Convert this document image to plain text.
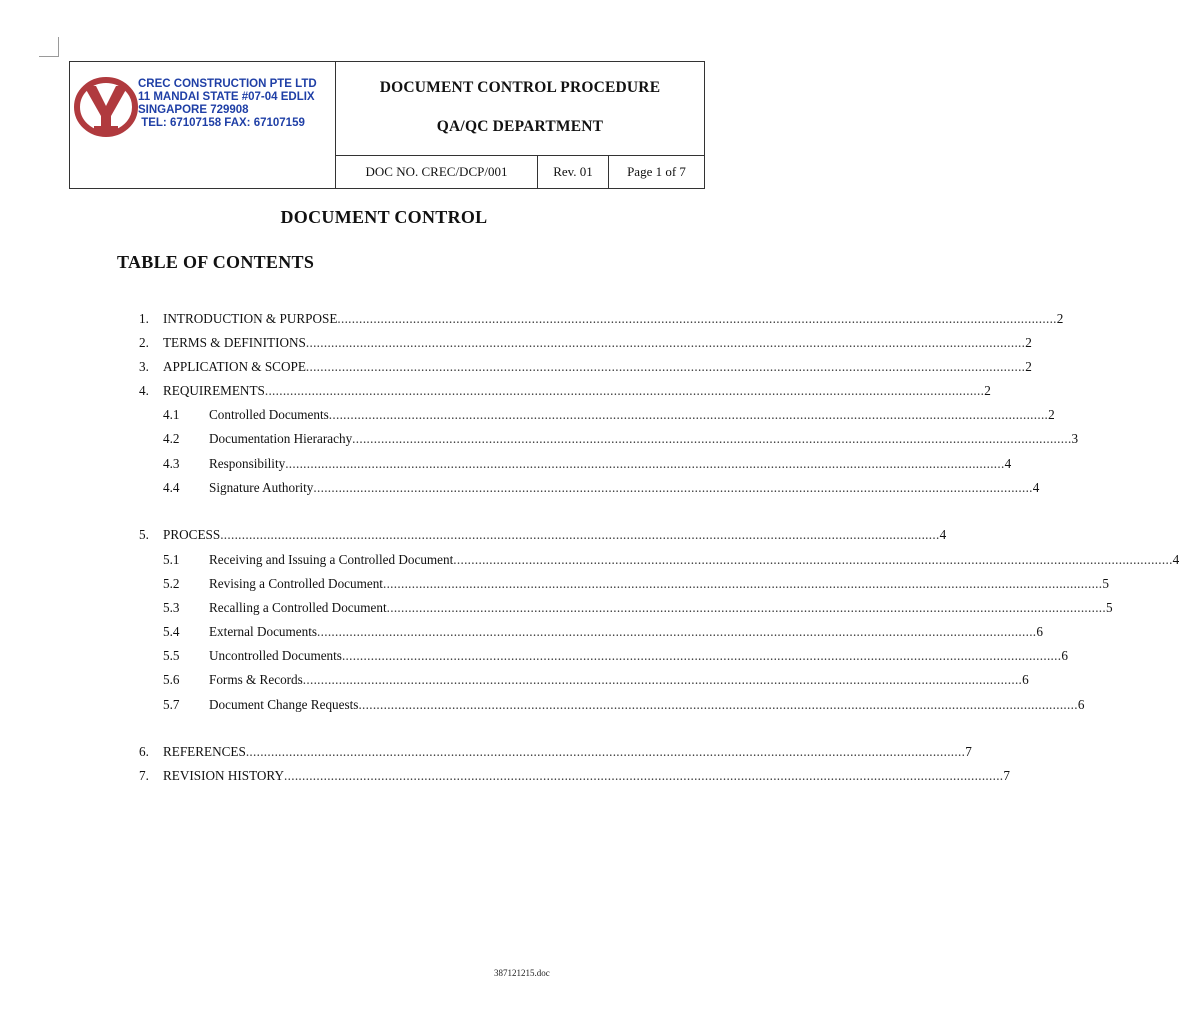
CREC CONSTRUCTION PTE LTD
11 MANDAI STATE #07-04 EDLIX
SINGAPORE 729908
TEL: 67107158 FAX: 67107159
DOCUMENT CONTROL PROCEDURE
QA/QC DEPARTMENT
DOC NO. CREC/DCP/001	Rev. 01	Page 1 of 7
DOCUMENT CONTROL
TABLE OF CONTENTS
1. INTRODUCTION & PURPOSE ........................................................................................................................................................................................................ 2
2. TERMS & DEFINITIONS ........................................................................................................................................................................................................ 2
3. APPLICATION & SCOPE ........................................................................................................................................................................................................ 2
4. REQUIREMENTS ........................................................................................................................................................................................................ 2
4.1 Controlled Documents ........................................................................................................................................................................................................ 2
4.2 Documentation Hierarachy ........................................................................................................................................................................................................ 3
4.3 Responsibility ........................................................................................................................................................................................................ 4
4.4 Signature Authority ........................................................................................................................................................................................................ 4
5. PROCESS ........................................................................................................................................................................................................ 4
5.1 Receiving and Issuing a Controlled Document ........................................................................................................................................................................................................ 4
5.2 Revising a Controlled Document ........................................................................................................................................................................................................ 5
5.3 Recalling a Controlled Document ........................................................................................................................................................................................................ 5
5.4 External Documents ........................................................................................................................................................................................................ 6
5.5 Uncontrolled Documents ........................................................................................................................................................................................................ 6
5.6 Forms & Records ........................................................................................................................................................................................................ 6
5.7 Document Change Requests ........................................................................................................................................................................................................ 6
6. REFERENCES ........................................................................................................................................................................................................ 7
7. REVISION HISTORY ........................................................................................................................................................................................................ 7
387121215.doc
